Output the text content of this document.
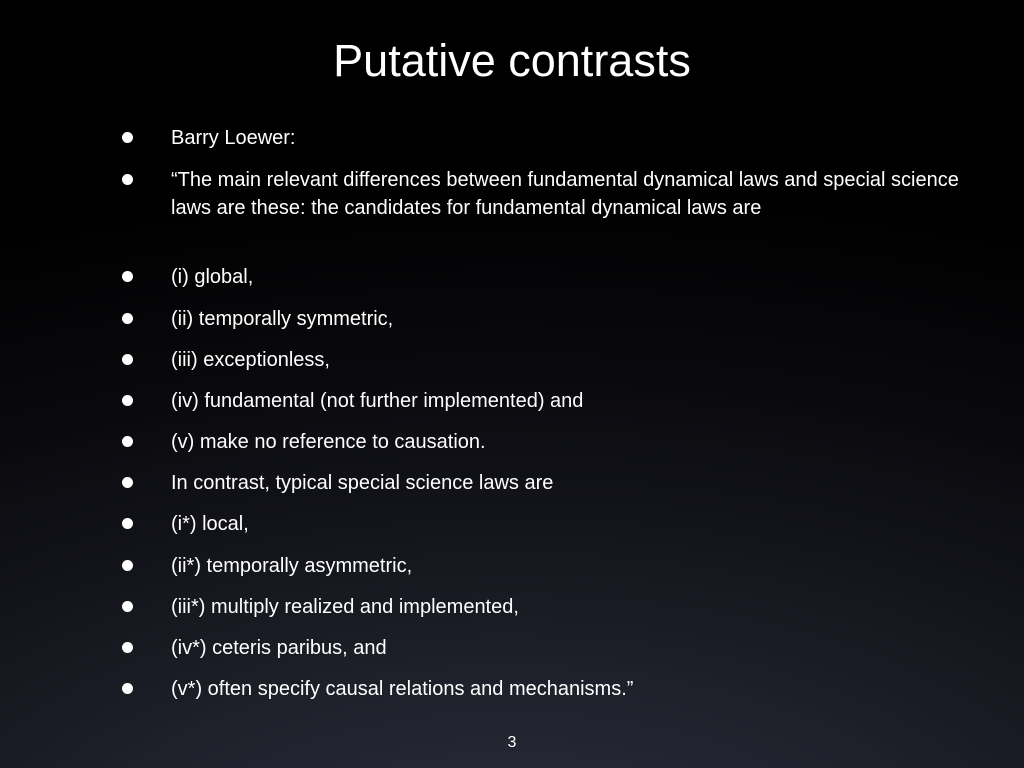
Putative contrasts
Barry Loewer:
“The main relevant differences between fundamental dynamical laws and special science laws are these: the candidates for fundamental dynamical laws are
(i) global,
(ii) temporally symmetric,
(iii) exceptionless,
(iv) fundamental (not further implemented) and
(v) make no reference to causation.
In contrast, typical special science laws are
(i*) local,
(ii*) temporally asymmetric,
(iii*) multiply realized and implemented,
(iv*) ceteris paribus, and
(v*) often specify causal relations and mechanisms.”
3
